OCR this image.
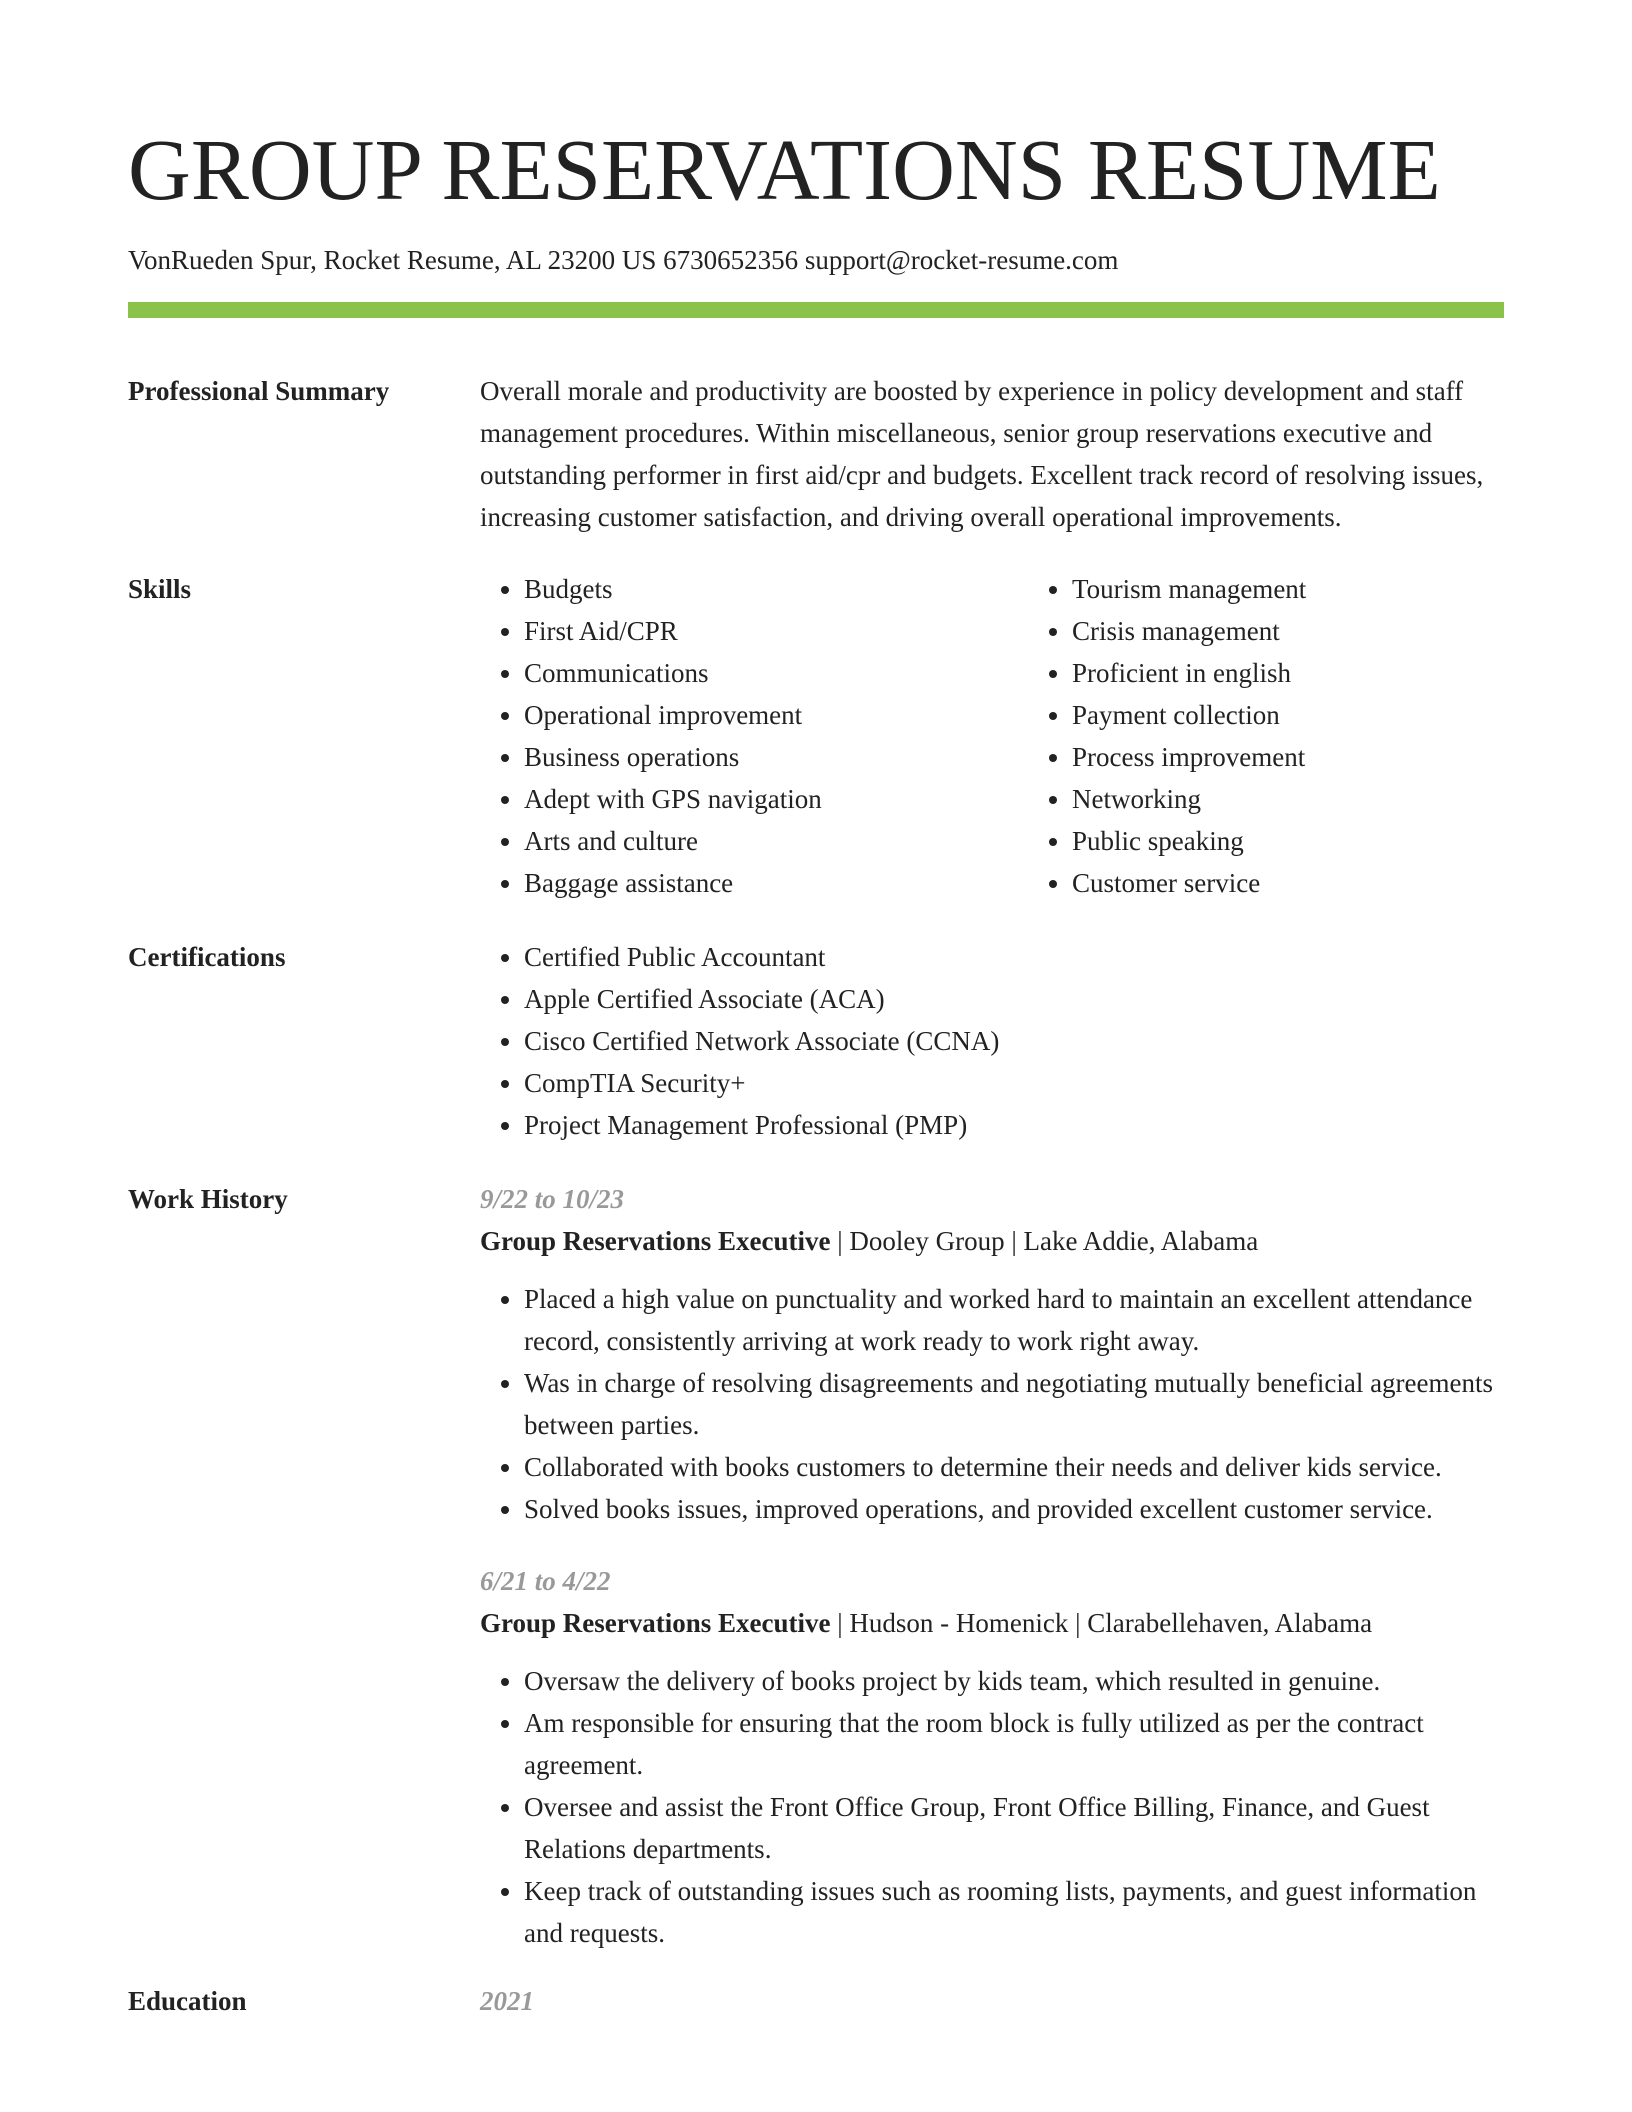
GROUP RESERVATIONS RESUME
VonRueden Spur, Rocket Resume, AL 23200 US 6730652356 support@rocket-resume.com
Professional Summary	Overall morale and productivity are boosted by experience in policy development and staff management procedures. Within miscellaneous, senior group reservations executive and outstanding performer in first aid/cpr and budgets. Excellent track record of resolving issues, increasing customer satisfaction, and driving overall operational improvements.

Skills	• Budgets
• First Aid/CPR
• Communications
• Operational improvement
• Business operations
• Adept with GPS navigation
• Arts and culture
• Baggage assistance
• Tourism management
• Crisis management
• Proficient in english
• Payment collection
• Process improvement
• Networking
• Public speaking
• Customer service
Certifications	• Certified Public Accountant
• Apple Certified Associate (ACA)
• Cisco Certified Network Associate (CCNA)
• CompTIA Security+
• Project Management Professional (PMP)
Work History	9/22 to 10/23
Group Reservations Executive | Dooley Group | Lake Addie, Alabama
• Placed a high value on punctuality and worked hard to maintain an excellent attendance record, consistently arriving at work ready to work right away.
• Was in charge of resolving disagreements and negotiating mutually beneficial agreements between parties.
• Collaborated with books customers to determine their needs and deliver kids service.
• Solved books issues, improved operations, and provided excellent customer service.
6/21 to 4/22
Group Reservations Executive | Hudson - Homenick | Clarabellehaven, Alabama
• Oversaw the delivery of books project by kids team, which resulted in genuine.
• Am responsible for ensuring that the room block is fully utilized as per the contract agreement.
• Oversee and assist the Front Office Group, Front Office Billing, Finance, and Guest Relations departments.
• Keep track of outstanding issues such as rooming lists, payments, and guest information and requests.
Education	2021
